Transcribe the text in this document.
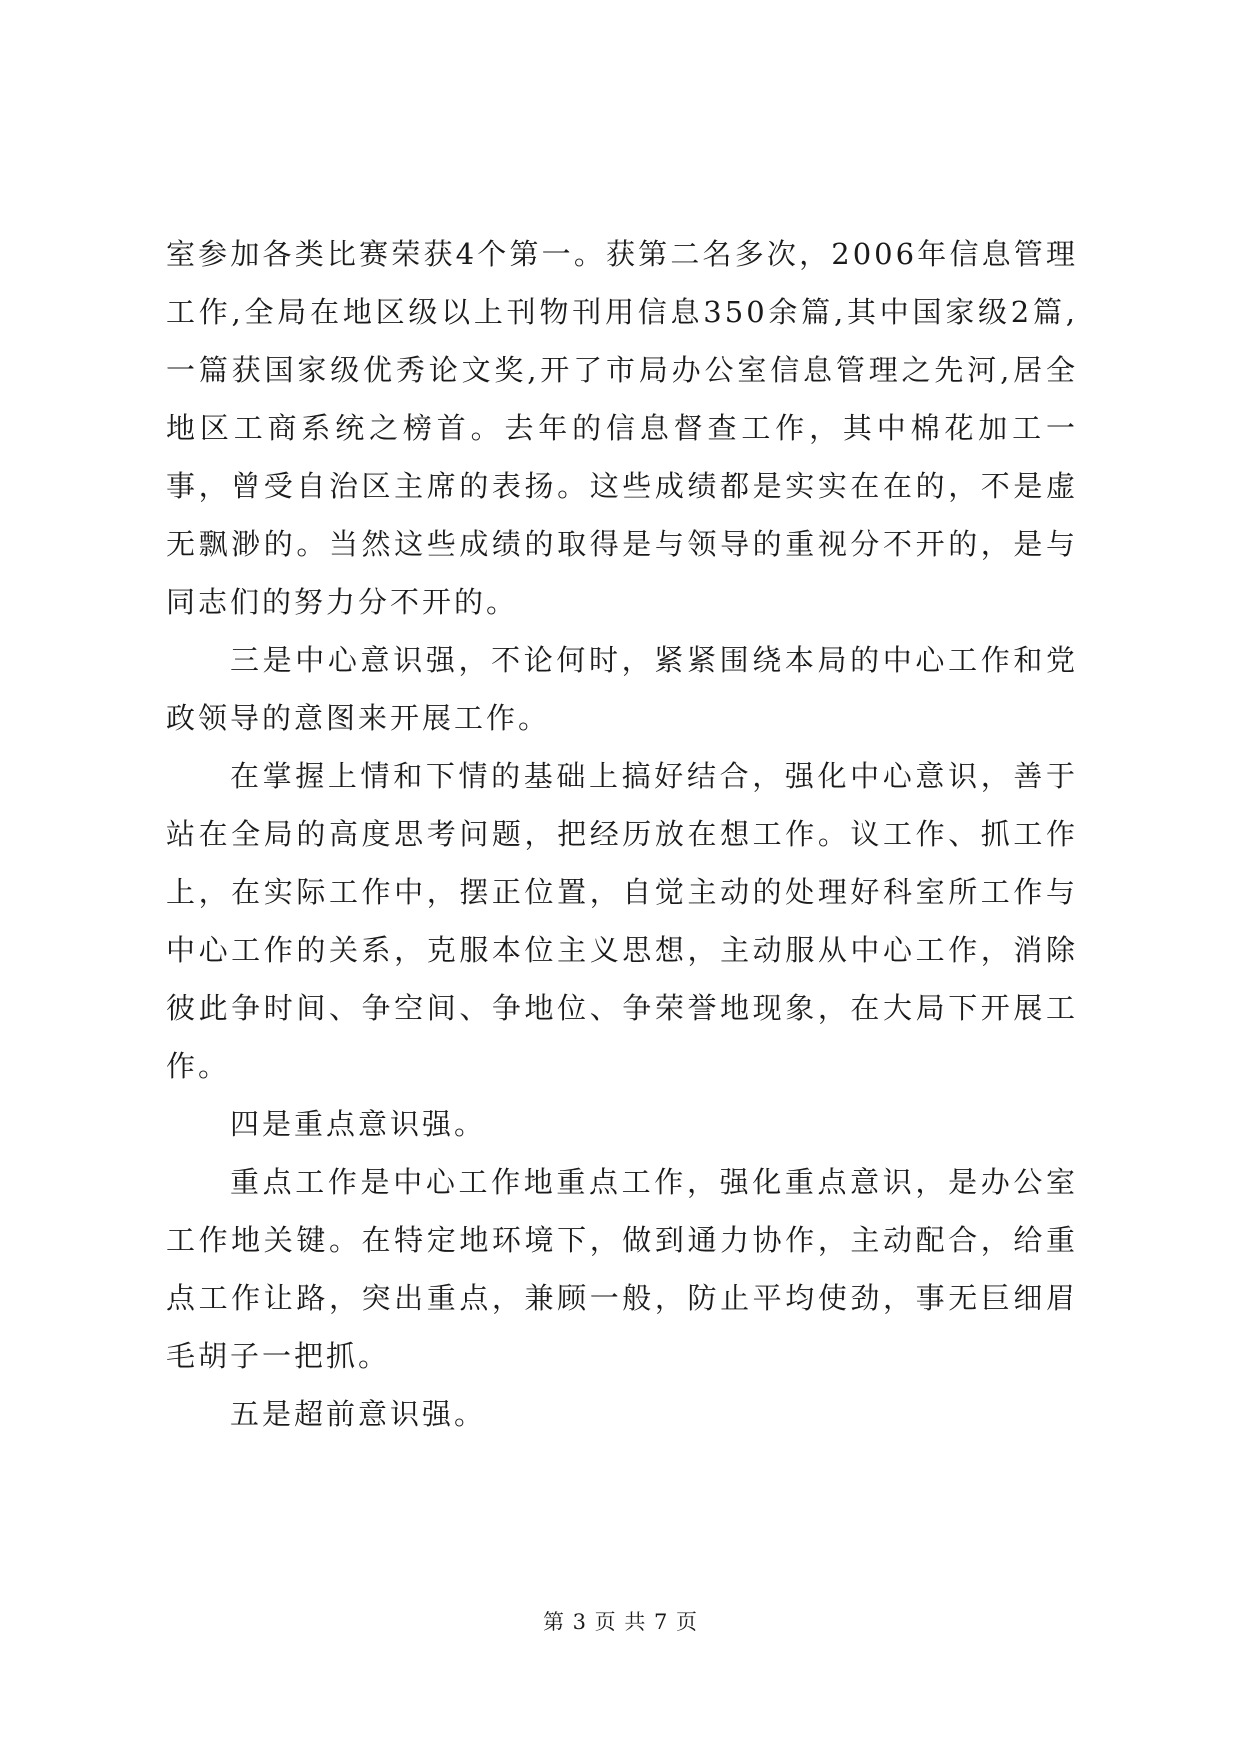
室参加各类比赛荣获4个第一。获第二名多次，2006年信息管理工作,全局在地区级以上刊物刊用信息350余篇,其中国家级2篇,一篇获国家级优秀论文奖,开了市局办公室信息管理之先河,居全地区工商系统之榜首。去年的信息督查工作，其中棉花加工一事，曾受自治区主席的表扬。这些成绩都是实实在在的，不是虚无飘渺的。当然这些成绩的取得是与领导的重视分不开的，是与同志们的努力分不开的。

三是中心意识强，不论何时，紧紧围绕本局的中心工作和党政领导的意图来开展工作。

在掌握上情和下情的基础上搞好结合，强化中心意识，善于站在全局的高度思考问题，把经历放在想工作。议工作、抓工作上，在实际工作中，摆正位置，自觉主动的处理好科室所工作与中心工作的关系，克服本位主义思想，主动服从中心工作，消除彼此争时间、争空间、争地位、争荣誉地现象，在大局下开展工作。

四是重点意识强。

重点工作是中心工作地重点工作，强化重点意识，是办公室工作地关键。在特定地环境下，做到通力协作，主动配合，给重点工作让路，突出重点，兼顾一般，防止平均使劲，事无巨细眉毛胡子一把抓。

五是超前意识强。

第 3 页 共 7 页
